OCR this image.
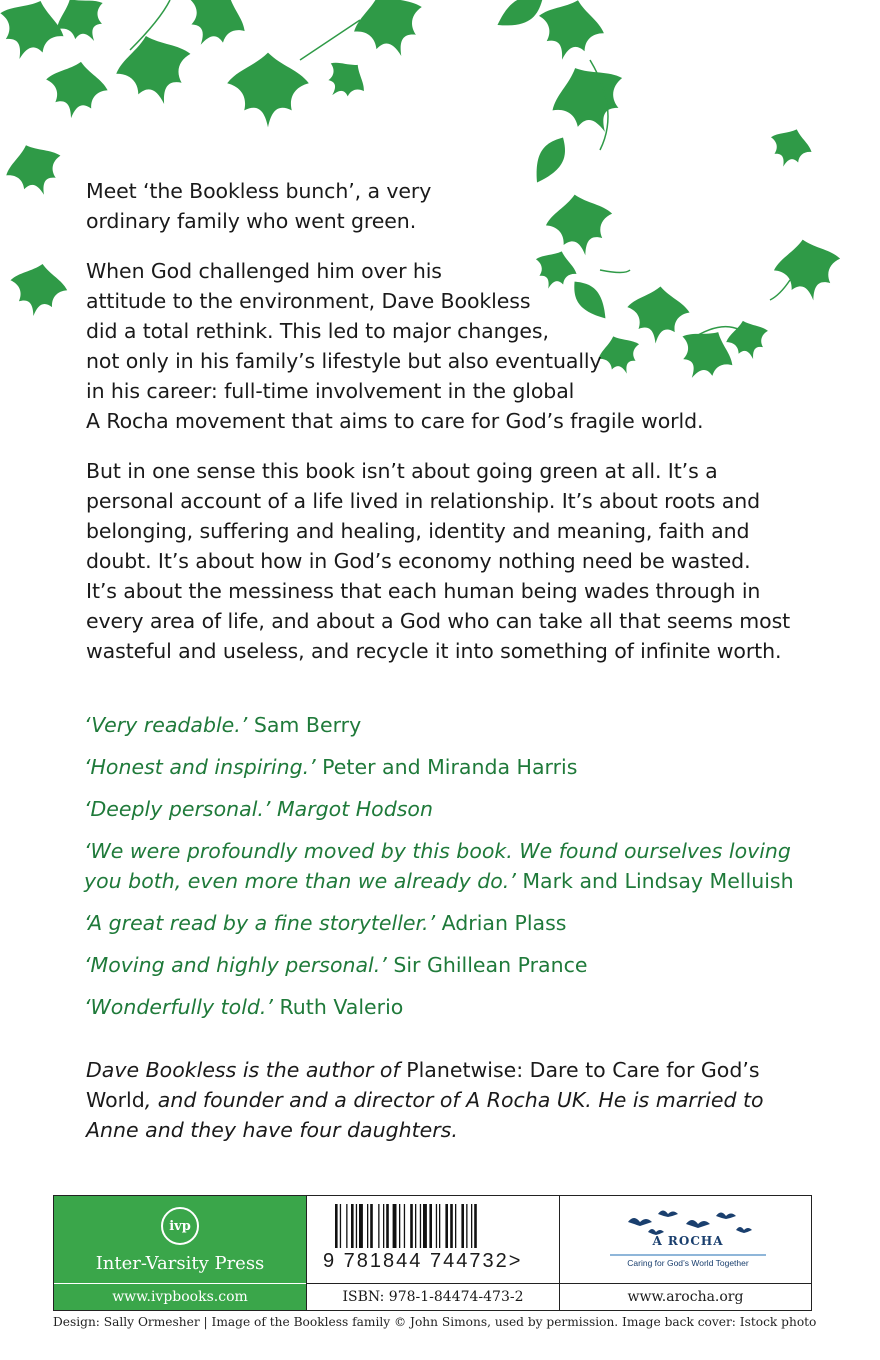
Meet ‘the Bookless bunch’, a very
ordinary family who went green.

When God challenged him over his
attitude to the environment, Dave Bookless
did a total rethink. This led to major changes,
not only in his family’s lifestyle but also eventually
in his career: full-time involvement in the global
A Rocha movement that aims to care for God’s fragile world.

But in one sense this book isn’t about going green at all. It’s a
personal account of a life lived in relationship. It’s about roots and
belonging, suffering and healing, identity and meaning, faith and
doubt. It’s about how in God’s economy nothing need be wasted.
It’s about the messiness that each human being wades through in
every area of life, and about a God who can take all that seems most
wasteful and useless, and recycle it into something of infinite worth.

‘Very readable.’ Sam Berry
‘Honest and inspiring.’ Peter and Miranda Harris
‘Deeply personal.’ Margot Hodson
‘We were profoundly moved by this book. We found ourselves loving
you both, even more than we already do.’ Mark and Lindsay Melluish
‘A great read by a fine storyteller.’ Adrian Plass
‘Moving and highly personal.’ Sir Ghillean Prance
‘Wonderfully told.’ Ruth Valerio
Dave Bookless is the author of Planetwise: Dare to Care for God’s
World, and founder and a director of A Rocha UK. He is married to
Anne and they have four daughters.
ivp
Inter-Varsity Press
www.ivpbooks.com
9 781844 744732>
ISBN: 978-1-84474-473-2
A ROCHA
Caring for God’s World Together
www.arocha.org
Design: Sally Ormesher | Image of the Bookless family © John Simons, used by permission. Image back cover: Istock photo
